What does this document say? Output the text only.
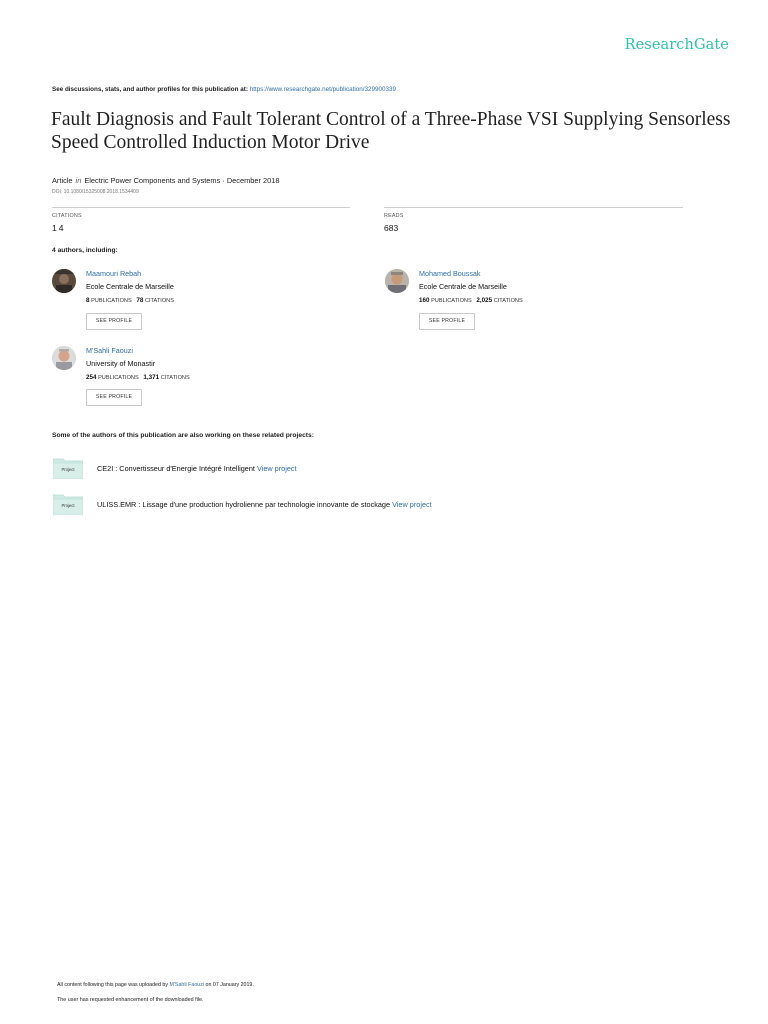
ResearchGate
See discussions, stats, and author profiles for this publication at: https://www.researchgate.net/publication/329900339
Fault Diagnosis and Fault Tolerant Control of a Three-Phase VSI Supplying Sensorless Speed Controlled Induction Motor Drive
Article in Electric Power Components and Systems · December 2018
DOI: 10.1080/15325008.2018.1534409
CITATIONS
14
READS
683
4 authors, including:
Maamouri Rebah
Ecole Centrale de Marseille
8 PUBLICATIONS 78 CITATIONS
SEE PROFILE
Mohamed Boussak
Ecole Centrale de Marseille
160 PUBLICATIONS 2,025 CITATIONS
SEE PROFILE
M'Sahli Faouzi
University of Monastir
254 PUBLICATIONS 1,371 CITATIONS
SEE PROFILE
Some of the authors of this publication are also working on these related projects:
Project	CE2I : Convertisseur d'Energie Intégré Intelligent View project
Project	ULISS.EMR : Lissage d'une production hydrolienne par technologie innovante de stockage View project
All content following this page was uploaded by M'Sahli Faouzi on 07 January 2019.
The user has requested enhancement of the downloaded file.
